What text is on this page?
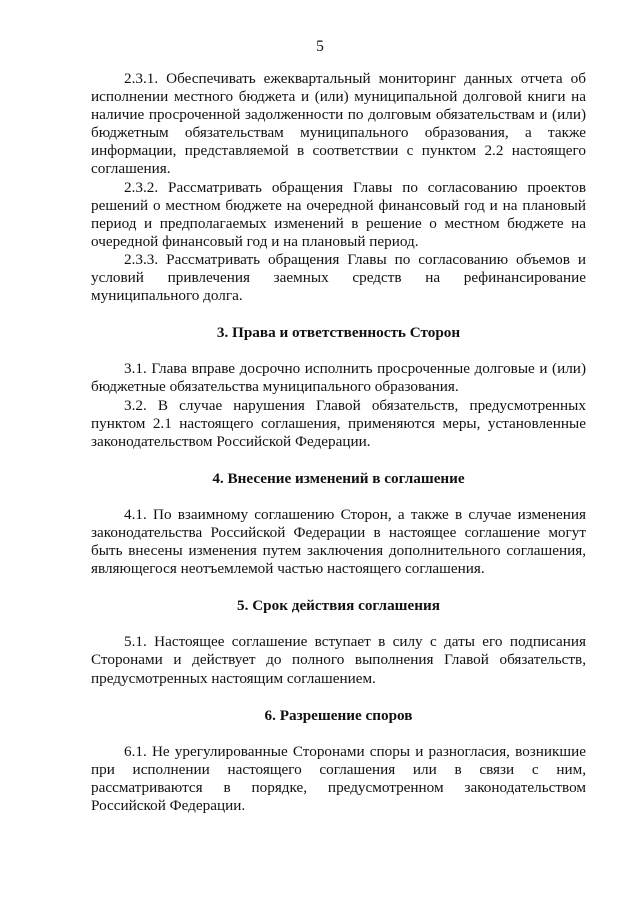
5

2.3.1. Обеспечивать ежеквартальный мониторинг данных отчета об исполнении местного бюджета и (или) муниципальной долговой книги на наличие просроченной задолженности по долговым обязательствам и (или) бюджетным обязательствам муниципального образования, а также информации, представляемой в соответствии с пунктом 2.2 настоящего соглашения.

2.3.2. Рассматривать обращения Главы по согласованию проектов решений о местном бюджете на очередной финансовый год и на плановый период и предполагаемых изменений в решение о местном бюджете на очередной финансовый год и на плановый период.

2.3.3. Рассматривать обращения Главы по согласованию объемов и условий привлечения заемных средств на рефинансирование муниципального долга.

3. Права и ответственность Сторон

3.1. Глава вправе досрочно исполнить просроченные долговые и (или) бюджетные обязательства муниципального образования.

3.2. В случае нарушения Главой обязательств, предусмотренных пунктом 2.1 настоящего соглашения, применяются меры, установленные законодательством Российской Федерации.

4. Внесение изменений в соглашение

4.1. По взаимному соглашению Сторон, а также в случае изменения законодательства Российской Федерации в настоящее соглашение могут быть внесены изменения путем заключения дополнительного соглашения, являющегося неотъемлемой частью настоящего соглашения.

5. Срок действия соглашения

5.1. Настоящее соглашение вступает в силу с даты его подписания Сторонами и действует до полного выполнения Главой обязательств, предусмотренных настоящим соглашением.

6. Разрешение споров

6.1. Не урегулированные Сторонами споры и разногласия, возникшие при исполнении настоящего соглашения или в связи с ним, рассматриваются в порядке, предусмотренном законодательством Российской Федерации.
